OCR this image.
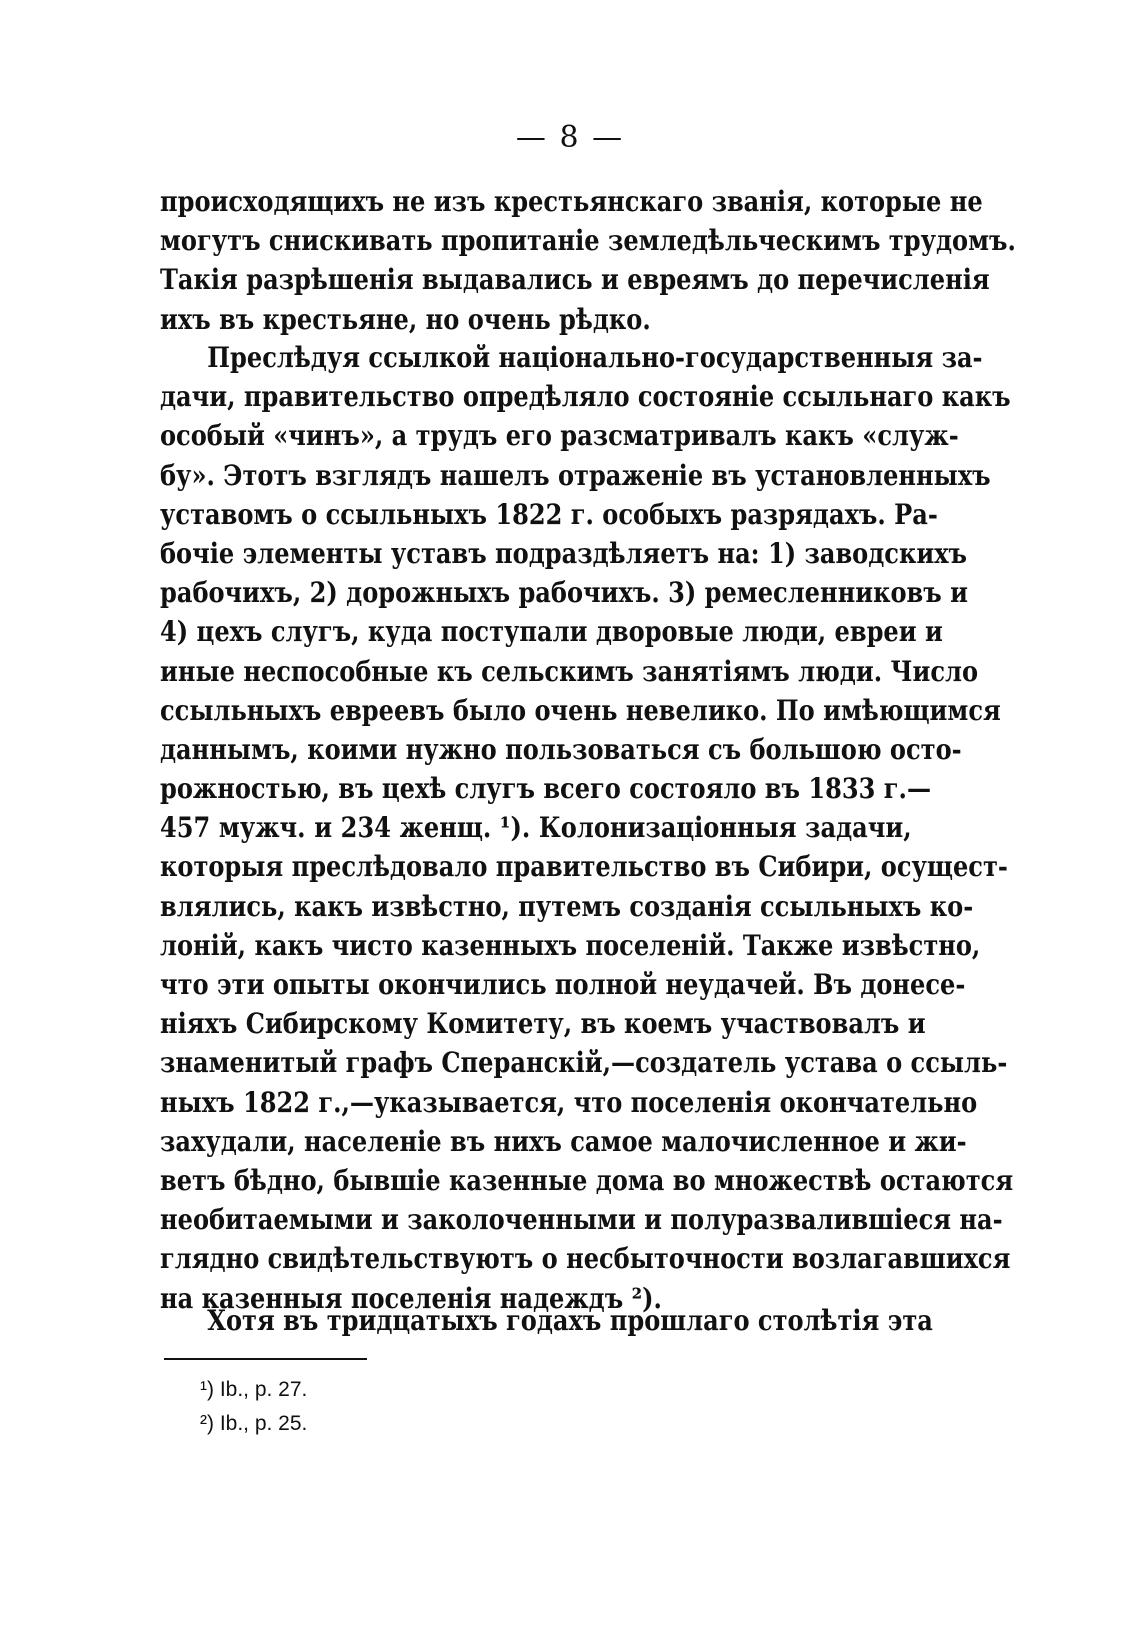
— 8 —
происходящихъ не изъ крестьянскаго званія, которые не
могутъ снискивать пропитаніе земледѣльческимъ трудомъ.
Такія разрѣшенія выдавались и евреямъ до перечисленія
ихъ въ крестьяне, но очень рѣдко.
Преслѣдуя ссылкой національно-государственныя за-
дачи, правительство опредѣляло состояніе ссыльнаго какъ
особый «чинъ», а трудъ его разсматривалъ какъ «служ-
бу». Этотъ взглядъ нашелъ отраженіе въ установленныхъ
уставомъ о ссыльныхъ 1822 г. особыхъ разрядахъ. Ра-
бочіе элементы уставъ подраздѣляетъ на: 1) заводскихъ
рабочихъ, 2) дорожныхъ рабочихъ. 3) ремесленниковъ и
4) цехъ слугъ, куда поступали дворовые люди, евреи и
иные неспособные къ сельскимъ занятіямъ люди. Число
ссыльныхъ евреевъ было очень невелико. По имѣющимся
даннымъ, коими нужно пользоваться съ большою осто-
рожностью, въ цехѣ слугъ всего состояло въ 1833 г.—
457 мужч. и 234 женщ. ¹). Колонизаціонныя задачи,
которыя преслѣдовало правительство въ Сибири, осущест-
влялись, какъ извѣстно, путемъ созданія ссыльныхъ ко-
лоній, какъ чисто казенныхъ поселеній. Также извѣстно,
что эти опыты окончились полной неудачей. Въ донесе-
ніяхъ Сибирскому Комитету, въ коемъ участвовалъ и
знаменитый графъ Сперанскій,—создатель устава о ссыль-
ныхъ 1822 г.,—указывается, что поселенія окончательно
захудали, населеніе въ нихъ самое малочисленное и жи-
ветъ бѣдно, бывшіе казенные дома во множествѣ остаются
необитаемыми и заколоченными и полуразвалившіеся на-
глядно свидѣтельствуютъ о несбыточности возлагавшихся
на казенныя поселенія надеждъ ²).
Хотя въ тридцатыхъ годахъ прошлаго столѣтія эта
¹) Ib., p. 27.
²) Ib., p. 25.
